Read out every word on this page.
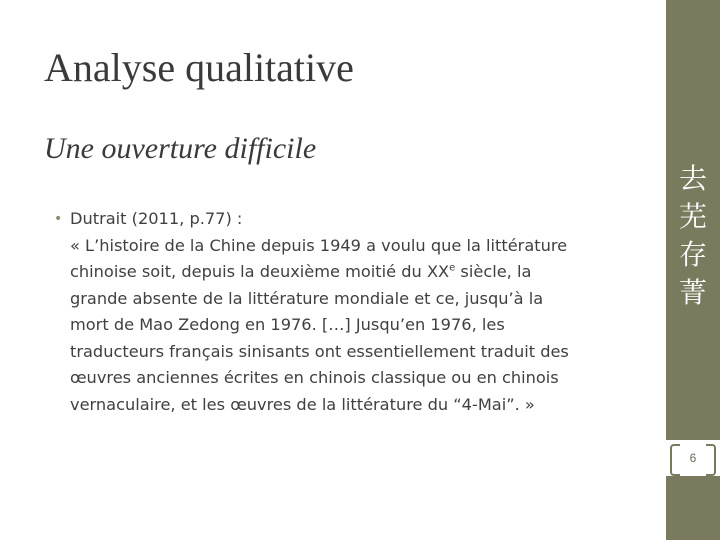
Analyse qualitative
Une ouverture difficile
• Dutrait (2011, p.77) :
« L’histoire de la Chine depuis 1949 a voulu que la littérature
chinoise soit, depuis la deuxième moitié du XXe siècle, la
grande absente de la littérature mondiale et ce, jusqu’à la
mort de Mao Zedong en 1976. […] Jusqu’en 1976, les
traducteurs français sinisants ont essentiellement traduit des
œuvres anciennes écrites en chinois classique ou en chinois
vernaculaire, et les œuvres de la littérature du “4-Mai”. »
去
芜
存
菁
6
